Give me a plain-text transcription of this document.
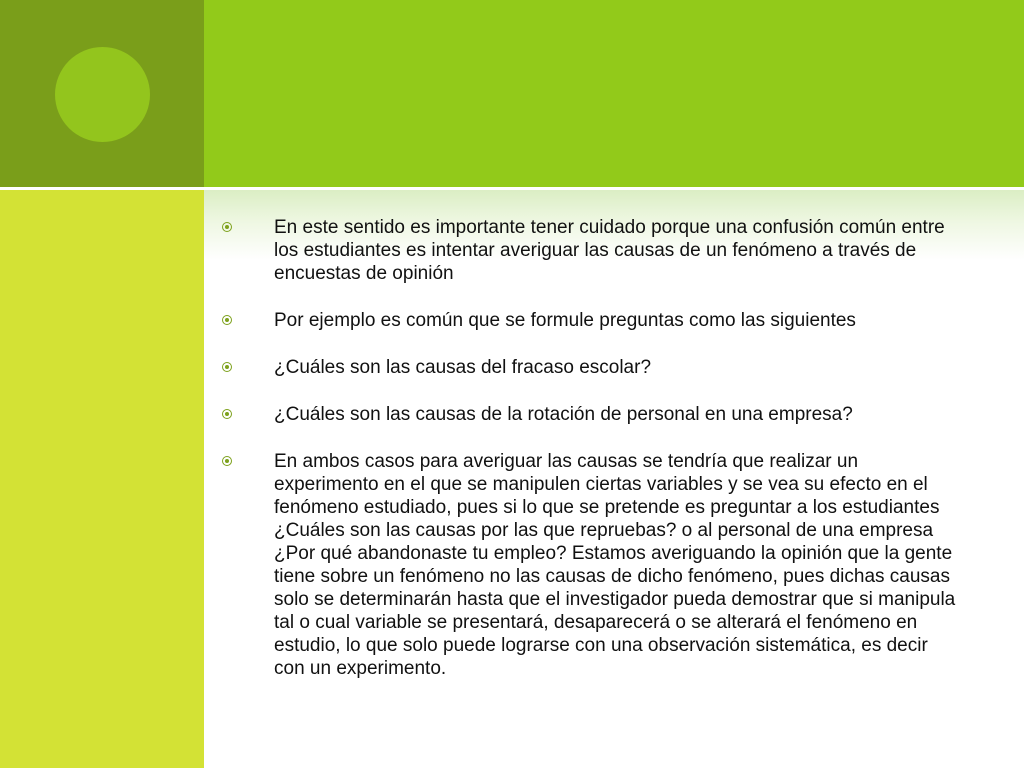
En este sentido es importante tener cuidado porque una confusión común entre los estudiantes es intentar averiguar las causas de un fenómeno a través de encuestas de opinión
Por ejemplo es común que se formule preguntas como las siguientes
¿Cuáles son las causas del fracaso escolar?
¿Cuáles son las causas de la rotación de personal en una empresa?
En ambos casos para averiguar las causas se tendría que realizar un experimento en el que se manipulen ciertas variables y se vea su efecto en el fenómeno estudiado, pues si lo que se pretende es preguntar a los estudiantes ¿Cuáles son las causas por las que repruebas? o al personal de una empresa ¿Por qué abandonaste tu empleo? Estamos averiguando la opinión que la gente tiene sobre un fenómeno no las causas de dicho fenómeno, pues dichas causas solo se determinarán hasta que el investigador pueda demostrar que si manipula tal o cual variable se presentará, desaparecerá o se alterará el fenómeno en estudio, lo que solo puede lograrse con una observación sistemática, es decir con un experimento.
